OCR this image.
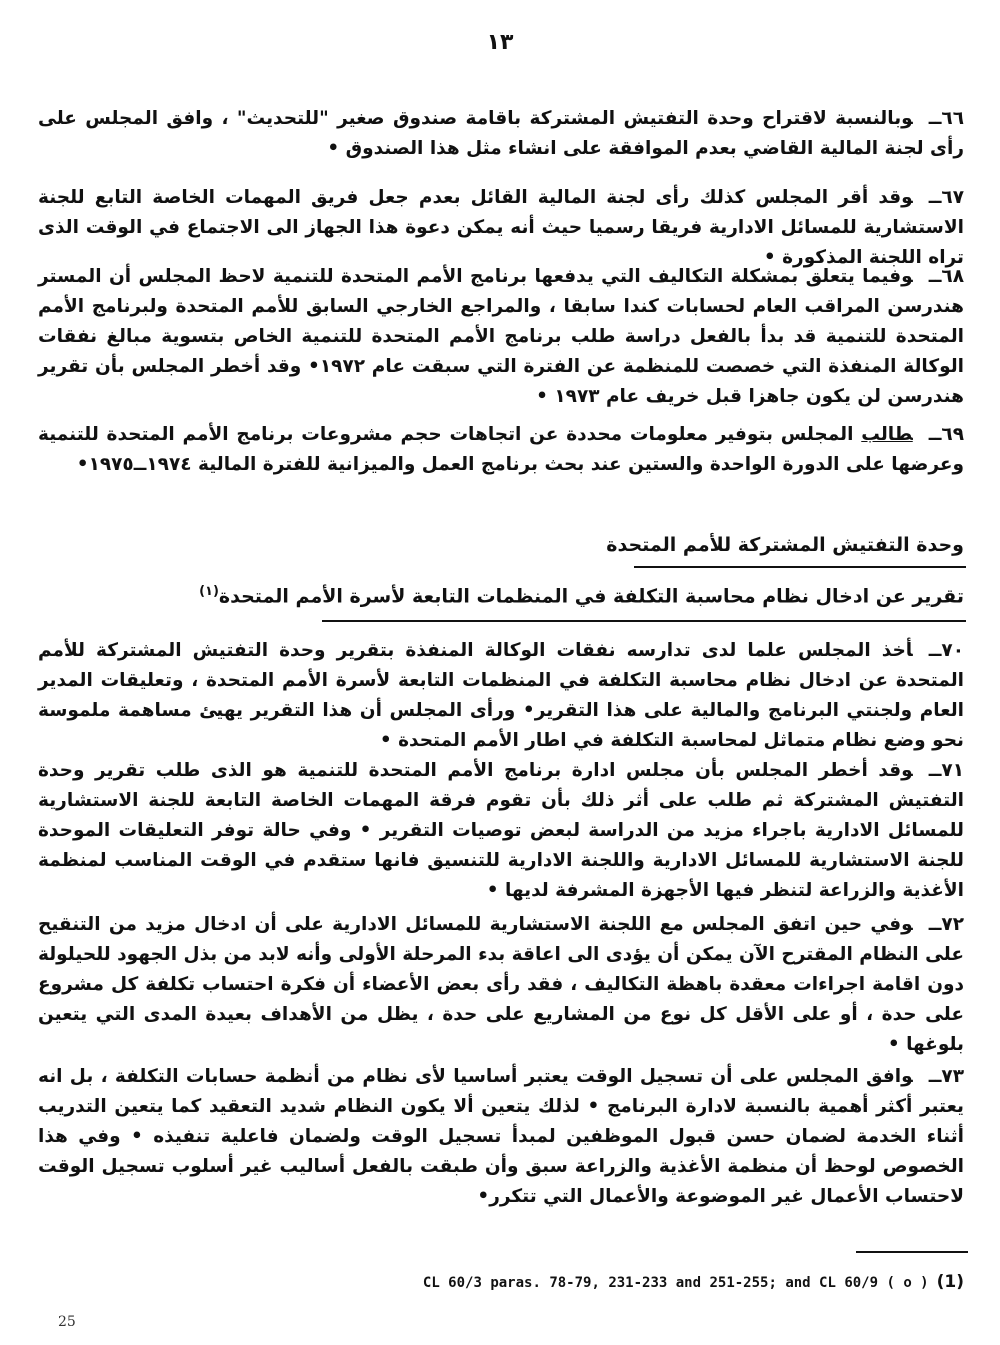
١٣
٦٦ــوبالنسبة لاقتراح وحدة التفتيش المشتركة باقامة صندوق صغير "للتحديث" ، وافق المجلس على رأى لجنة المالية القاضي بعدم الموافقة على انشاء مثل هذا الصندوق •
٦٧ــوقد أقر المجلس كذلك رأى لجنة المالية القائل بعدم جعل فريق المهمات الخاصة التابع للجنة الاستشارية للمسائل الادارية فريقا رسميا حيث أنه يمكن دعوة هذا الجهاز الى الاجتماع في الوقت الذى تراه اللجنة المذكورة •
٦٨ــوفيما يتعلق بمشكلة التكاليف التي يدفعها برنامج الأمم المتحدة للتنمية لاحظ المجلس أن المستر هندرسن المراقب العام لحسابات كندا سابقا ، والمراجع الخارجي السابق للأمم المتحدة ولبرنامج الأمم المتحدة للتنمية قد بدأ بالفعل دراسة طلب برنامج الأمم المتحدة للتنمية الخاص بتسوية مبالغ نفقات الوكالة المنفذة التي خصصت للمنظمة عن الفترة التي سبقت عام ١٩٧٢• وقد أخطر المجلس بأن تقرير هندرسن لن يكون جاهزا قبل خريف عام ١٩٧٣ •
٦٩ــطالب المجلس بتوفير معلومات محددة عن اتجاهات حجم مشروعات برنامج الأمم المتحدة للتنمية وعرضها على الدورة الواحدة والستين عند بحث برنامج العمل والميزانية للفترة المالية ١٩٧٤ــ١٩٧٥•
وحدة التفتيش المشتركة للأمم المتحدة
تقرير عن ادخال نظام محاسبة التكلفة في المنظمات التابعة لأسرة الأمم المتحدة$^{(١)}$
٧٠ــأخذ المجلس علما لدى تدارسه نفقات الوكالة المنفذة بتقرير وحدة التفتيش المشتركة للأمم المتحدة عن ادخال نظام محاسبة التكلفة في المنظمات التابعة لأسرة الأمم المتحدة ، وتعليقات المدير العام ولجنتي البرنامج والمالية على هذا التقرير• ورأى المجلس أن هذا التقرير يهيئ مساهمة ملموسة نحو وضع نظام متماثل لمحاسبة التكلفة في اطار الأمم المتحدة •
٧١ــوقد أخطر المجلس بأن مجلس ادارة برنامج الأمم المتحدة للتنمية هو الذى طلب تقرير وحدة التفتيش المشتركة ثم طلب على أثر ذلك بأن تقوم فرقة المهمات الخاصة التابعة للجنة الاستشارية للمسائل الادارية باجراء مزيد من الدراسة لبعض توصيات التقرير • وفي حالة توفر التعليقات الموحدة للجنة الاستشارية للمسائل الادارية واللجنة الادارية للتنسيق فانها ستقدم في الوقت المناسب لمنظمة الأغذية والزراعة لتنظر فيها الأجهزة المشرفة لديها •
٧٢ــوفي حين اتفق المجلس مع اللجنة الاستشارية للمسائل الادارية على أن ادخال مزيد من التنقيح على النظام المقترح الآن يمكن أن يؤدى الى اعاقة بدء المرحلة الأولى وأنه لابد من بذل الجهود للحيلولة دون اقامة اجراءات معقدة باهظة التكاليف ، فقد رأى بعض الأعضاء أن فكرة احتساب تكلفة كل مشروع على حدة ، أو على الأقل كل نوع من المشاريع على حدة ، يظل من الأهداف بعيدة المدى التي يتعين بلوغها •
٧٣ــوافق المجلس على أن تسجيل الوقت يعتبر أساسيا لأى نظام من أنظمة حسابات التكلفة ، بل انه يعتبر أكثر أهمية بالنسبة لادارة البرنامج • لذلك يتعين ألا يكون النظام شديد التعقيد كما يتعين التدريب أثناء الخدمة لضمان حسن قبول الموظفين لمبدأ تسجيل الوقت ولضمان فاعلية تنفيذه • وفي هذا الخصوص لوحظ أن منظمة الأغذية والزراعة سبق وأن طبقت بالفعل أساليب غير أسلوب تسجيل الوقت لاحتساب الأعمال غير الموضوعة والأعمال التي تتكرر•
CL 60/3 paras. 78-79, 231-233 and 251-255; and CL 60/9 ( o ) (1)
25
